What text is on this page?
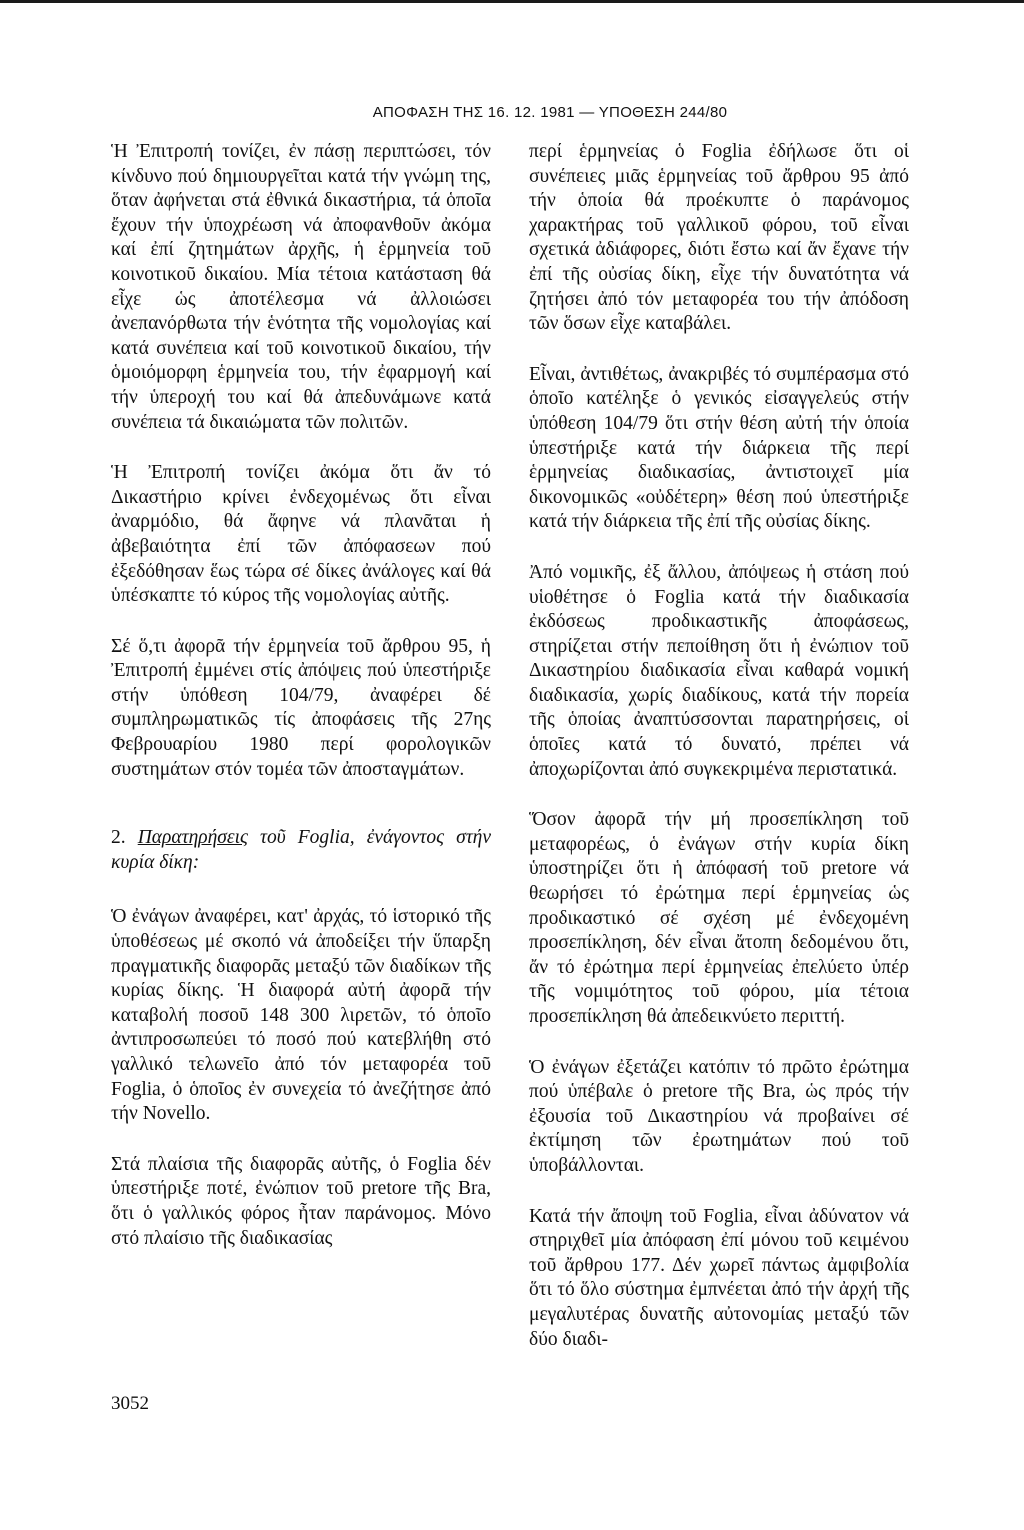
ΑΠΟΦΑΣΗ ΤΗΣ 16. 12. 1981 — ΥΠΟΘΕΣΗ 244/80

Ἡ Ἐπιτροπή τονίζει, ἐν πάσῃ περιπτώσει, τόν κίνδυνο πού δημιουργεῖται κατά τήν γνώμη της, ὅταν ἀφήνεται στά ἐθνικά δικαστήρια, τά ὁποῖα ἔχουν τήν ὑποχρέωση νά ἀποφανθοῦν ἀκόμα καί ἐπί ζητημάτων ἀρχῆς, ἡ ἑρμηνεία τοῦ κοινοτικοῦ δικαίου. Μία τέτοια κατάσταση θά εἶχε ὡς ἀποτέλεσμα νά ἀλλοιώσει ἀνεπανόρθωτα τήν ἑνότητα τῆς νομολογίας καί κατά συνέπεια καί τοῦ κοινοτικοῦ δικαίου, τήν ὁμοιόμορφη ἑρμηνεία του, τήν ἐφαρμογή καί τήν ὑπεροχή του καί θά ἀπεδυνάμωνε κατά συνέπεια τά δικαιώματα τῶν πολιτῶν.

Ἡ Ἐπιτροπή τονίζει ἀκόμα ὅτι ἄν τό Δικαστήριο κρίνει ἐνδεχομένως ὅτι εἶναι ἀναρμόδιο, θά ἄφηνε νά πλανᾶται ἡ ἀβεβαιότητα ἐπί τῶν ἀπόφασεων πού ἐξεδόθησαν ἕως τώρα σέ δίκες ἀνάλογες καί θά ὑπέσκαπτε τό κύρος τῆς νομολογίας αὐτῆς.

Σέ ὅ,τι ἀφορᾶ τήν ἑρμηνεία τοῦ ἄρθρου 95, ἡ Ἐπιτροπή ἐμμένει στίς ἀπόψεις πού ὑπεστήριξε στήν ὑπόθεση 104/79, ἀναφέρει δέ συμπληρωματικῶς τίς ἀποφάσεις τῆς 27ης Φεβρουαρίου 1980 περί φορολογικῶν συστημάτων στόν τομέα τῶν ἀποσταγμάτων.

2. Παρατηρήσεις τοῦ Foglia, ἐνάγοντος στήν κυρία δίκη:

Ὁ ἐνάγων ἀναφέρει, κατ' ἀρχάς, τό ἱστορικό τῆς ὑποθέσεως μέ σκοπό νά ἀποδείξει τήν ὕπαρξη πραγματικῆς διαφορᾶς μεταξύ τῶν διαδίκων τῆς κυρίας δίκης. Ἡ διαφορά αὐτή ἀφορᾶ τήν καταβολή ποσοῦ 148 300 λιρετῶν, τό ὁποῖο ἀντιπροσωπεύει τό ποσό πού κατεβλήθη στό γαλλικό τελωνεῖο ἀπό τόν μεταφορέα τοῦ Foglia, ὁ ὁποῖος ἐν συνεχεία τό ἀνεζήτησε ἀπό τήν Novello.

Στά πλαίσια τῆς διαφορᾶς αὐτῆς, ὁ Foglia δέν ὑπεστήριξε ποτέ, ἐνώπιον τοῦ pretore τῆς Bra, ὅτι ὁ γαλλικός φόρος ἦταν παράνομος. Μόνο στό πλαίσιο τῆς διαδικασίας

περί ἑρμηνείας ὁ Foglia ἐδήλωσε ὅτι οἱ συνέπειες μιᾶς ἑρμηνείας τοῦ ἄρθρου 95 ἀπό τήν ὁποία θά προέκυπτε ὁ παράνομος χαρακτήρας τοῦ γαλλικοῦ φόρου, τοῦ εἶναι σχετικά ἀδιάφορες, διότι ἔστω καί ἄν ἔχανε τήν ἐπί τῆς οὐσίας δίκη, εἶχε τήν δυνατότητα νά ζητήσει ἀπό τόν μεταφορέα του τήν ἀπόδοση τῶν ὅσων εἶχε καταβάλει.

Εἶναι, ἀντιθέτως, ἀνακριβές τό συμπέρασμα στό ὁποῖο κατέληξε ὁ γενικός εἰσαγγελεύς στήν ὑπόθεση 104/79 ὅτι στήν θέση αὐτή τήν ὁποία ὑπεστήριξε κατά τήν διάρκεια τῆς περί ἑρμηνείας διαδικασίας, ἀντιστοιχεῖ μία δικονομικῶς «οὐδέτερη» θέση πού ὑπεστήριξε κατά τήν διάρκεια τῆς ἐπί τῆς οὐσίας δίκης.

Ἀπό νομικῆς, ἐξ ἄλλου, ἀπόψεως ἡ στάση πού υἱοθέτησε ὁ Foglia κατά τήν διαδικασία ἐκδόσεως προδικαστικῆς ἀποφάσεως, στηρίζεται στήν πεποίθηση ὅτι ἡ ἐνώπιον τοῦ Δικαστηρίου διαδικασία εἶναι καθαρά νομική διαδικασία, χωρίς διαδίκους, κατά τήν πορεία τῆς ὁποίας ἀναπτύσσονται παρατηρήσεις, οἱ ὁποῖες κατά τό δυνατό, πρέπει νά ἀποχωρίζονται ἀπό συγκεκριμένα περιστατικά.

Ὅσον ἀφορᾶ τήν μή προσεπίκληση τοῦ μεταφορέως, ὁ ἐνάγων στήν κυρία δίκη ὑποστηρίζει ὅτι ἡ ἀπόφασή τοῦ pretore νά θεωρήσει τό ἐρώτημα περί ἑρμηνείας ὡς προδικαστικό σέ σχέση μέ ἐνδεχομένη προσεπίκληση, δέν εἶναι ἄτοπη δεδομένου ὅτι, ἄν τό ἐρώτημα περί ἑρμηνείας ἐπελύετο ὑπέρ τῆς νομιμότητος τοῦ φόρου, μία τέτοια προσεπίκληση θά ἀπεδεικνύετο περιττή.

Ὁ ἐνάγων ἐξετάζει κατόπιν τό πρῶτο ἐρώτημα πού ὑπέβαλε ὁ pretore τῆς Bra, ὡς πρός τήν ἐξουσία τοῦ Δικαστηρίου νά προβαίνει σέ ἐκτίμηση τῶν ἐρωτημάτων πού τοῦ ὑποβάλλονται.

Κατά τήν ἄποψη τοῦ Foglia, εἶναι ἀδύνατον νά στηριχθεῖ μία ἀπόφαση ἐπί μόνου τοῦ κειμένου τοῦ ἄρθρου 177. Δέν χωρεῖ πάντως ἀμφιβολία ὅτι τό ὅλο σύστημα ἐμπνέεται ἀπό τήν ἀρχή τῆς μεγαλυτέρας δυνατῆς αὐτονομίας μεταξύ τῶν δύο διαδι-

3052
